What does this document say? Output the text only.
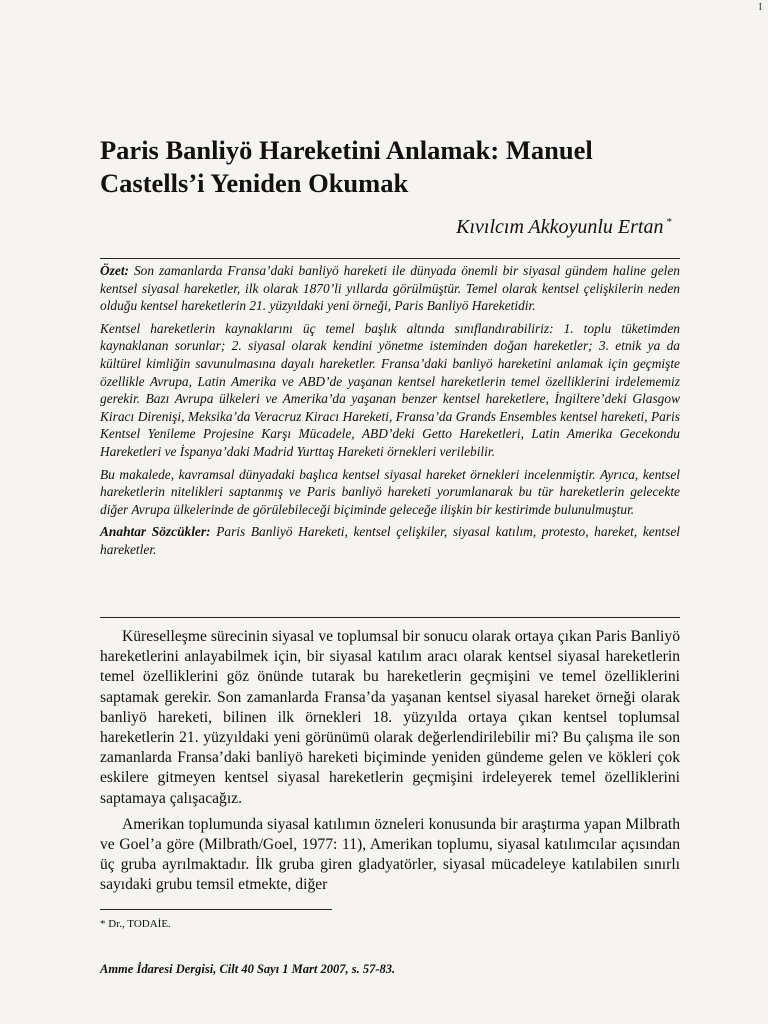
I
Paris Banliyö Hareketini Anlamak: Manuel Castells’i Yeniden Okumak
Kıvılcım Akkoyunlu Ertan *

Özet: Son zamanlarda Fransa’daki banliyö hareketi ile dünyada önemli bir siyasal gündem haline gelen kentsel siyasal hareketler, ilk olarak 1870’li yıllarda görülmüştür. Temel olarak kentsel çelişkilerin neden olduğu kentsel hareketlerin 21. yüzyıldaki yeni örneği, Paris Banliyö Hareketidir.

Kentsel hareketlerin kaynaklarını üç temel başlık altında sınıflandırabiliriz: 1. toplu tüketimden kaynaklanan sorunlar; 2. siyasal olarak kendini yönetme isteminden doğan hareketler; 3. etnik ya da kültürel kimliğin savunulmasına dayalı hareketler. Fransa’daki banliyö hareketini anlamak için geçmişte özellikle Avrupa, Latin Amerika ve ABD’de yaşanan kentsel hareketlerin temel özelliklerini irdelememiz gerekir. Bazı Avrupa ülkeleri ve Amerika’da yaşanan benzer kentsel hareketlere, İngiltere’deki Glasgow Kiracı Direnişi, Meksika’da Veracruz Kiracı Hareketi, Fransa’da Grands Ensembles kentsel hareketi, Paris Kentsel Yenileme Projesine Karşı Mücadele, ABD’deki Getto Hareketleri, Latin Amerika Gecekondu Hareketleri ve İspanya’daki Madrid Yurttaş Hareketi örnekleri verilebilir.

Bu makalede, kavramsal dünyadaki başlıca kentsel siyasal hareket örnekleri incelenmiştir. Ayrıca, kentsel hareketlerin nitelikleri saptanmış ve Paris banliyö hareketi yorumlanarak bu tür hareketlerin gelecekte diğer Avrupa ülkelerinde de görülebileceği biçiminde geleceğe ilişkin bir kestirimde bulunulmuştur.

Anahtar Sözcükler: Paris Banliyö Hareketi, kentsel çelişkiler, siyasal katılım, protesto, hareket, kentsel hareketler.

Küreselleşme sürecinin siyasal ve toplumsal bir sonucu olarak ortaya çıkan Paris Banliyö hareketlerini anlayabilmek için, bir siyasal katılım aracı olarak kentsel siyasal hareketlerin temel özelliklerini göz önünde tutarak bu hareketlerin geçmişini ve temel özelliklerini saptamak gerekir. Son zamanlarda Fransa’da yaşanan kentsel siyasal hareket örneği olarak banliyö hareketi, bilinen ilk örnekleri 18. yüzyılda ortaya çıkan kentsel toplumsal hareketlerin 21. yüzyıldaki yeni görünümü olarak değerlendirilebilir mi? Bu çalışma ile son zamanlarda Fransa’daki banliyö hareketi biçiminde yeniden gündeme gelen ve kökleri çok eskilere gitmeyen kentsel siyasal hareketlerin geçmişini irdeleyerek temel özelliklerini saptamaya çalışacağız.

Amerikan toplumunda siyasal katılımın özneleri konusunda bir araştırma yapan Milbrath ve Goel’a göre (Milbrath/Goel, 1977: 11), Amerikan toplumu, siyasal katılımcılar açısından üç gruba ayrılmaktadır. İlk gruba giren gladyatörler, siyasal mücadeleye katılabilen sınırlı sayıdaki grubu temsil etmekte, diğer

* Dr., TODAİE.
Amme İdaresi Dergisi, Cilt 40 Sayı 1 Mart 2007, s. 57-83.
